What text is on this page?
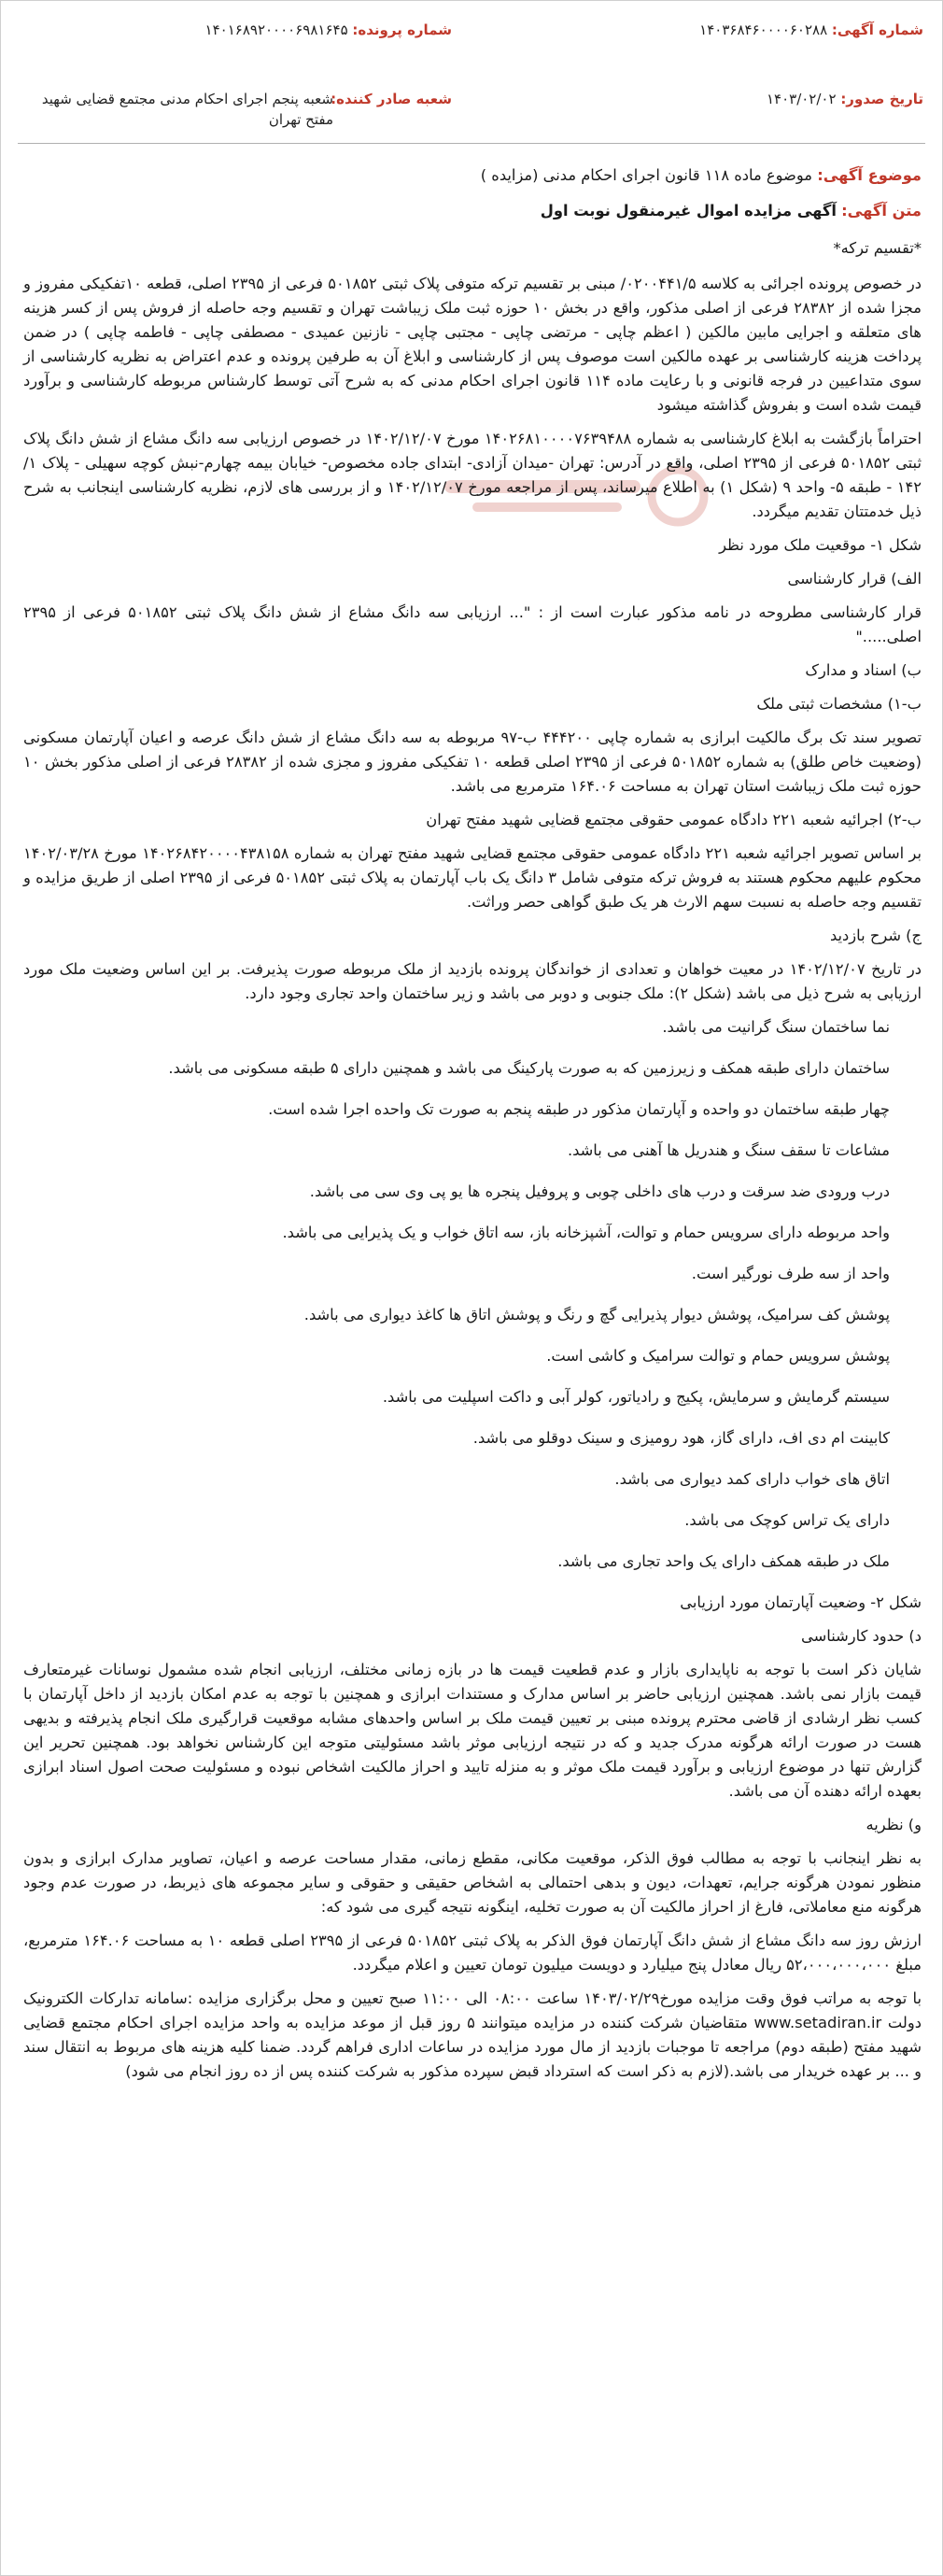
شماره آگهی: ۱۴۰۳۶۸۴۶۰۰۰۰۶۰۲۸۸
شماره پرونده: ۱۴۰۱۶۸۹۲۰۰۰۰۶۹۸۱۶۴۵
تاریخ صدور: ۱۴۰۳/۰۲/۰۲
شعبه صادر کننده:
شعبه پنجم اجرای احکام مدنی مجتمع قضایی شهید مفتح تهران
موضوع آگهی: موضوع ماده ۱۱۸ قانون اجرای احکام مدنی (مزایده )
متن آگهی: آگهی مزایده اموال غیرمنقول نوبت اول
*تقسیم ترکه*
در خصوص پرونده اجرائی به کلاسه ۰۲۰۰۴۴۱/۵/ مبنی بر تقسیم ترکه متوفی پلاک ثبتی ۵۰۱۸۵۲ فرعی از ۲۳۹۵ اصلی، قطعه ۱۰تفکیکی مفروز و مجزا شده از ۲۸۳۸۲ فرعی از اصلی مذکور، واقع در بخش ۱۰ حوزه ثبت ملک زیباشت تهران و تقسیم وجه حاصله از فروش پس از کسر هزینه های متعلقه و اجرایی مابین مالکین ( اعظم چاپی - مرتضی چاپی - مجتبی چاپی - نازنین عمیدی - مصطفی چاپی - فاطمه چاپی ) در ضمن پرداخت هزینه کارشناسی بر عهده مالکین است موصوف پس از کارشناسی و ابلاغ آن به طرفین پرونده و عدم اعتراض به نظریه کارشناسی از سوی متداعیین در فرجه قانونی و با رعایت ماده ۱۱۴ قانون اجرای احکام مدنی که به شرح آتی توسط کارشناس مربوطه کارشناسی و برآورد قیمت شده است و بفروش گذاشته میشود
احتراماً بازگشت به ابلاغ کارشناسی به شماره ۱۴۰۲۶۸۱۰۰۰۰۷۶۳۹۴۸۸ مورخ ۱۴۰۲/۱۲/۰۷ در خصوص ارزیابی سه دانگ مشاع از شش دانگ پلاک ثبتی ۵۰۱۸۵۲ فرعی از ۲۳۹۵ اصلی، واقع در آدرس: تهران -میدان آزادی- ابتدای جاده مخصوص- خیابان بیمه چهارم-نبش کوچه سهیلی - پلاک ۱/ ۱۴۲ - طبقه ۵- واحد ۹ (شکل ۱) به اطلاع میرساند، پس از مراجعه مورخ ۱۴۰۲/۱۲/۰۷ و از بررسی های لازم، نظریه کارشناسی اینجانب به شرح ذیل خدمتتان تقدیم میگردد.
شکل ۱- موقعیت ملک مورد نظر
الف) قرار کارشناسی
قرار کارشناسی مطروحه در نامه مذکور عبارت است از : "... ارزیابی سه دانگ مشاع از شش دانگ پلاک ثبتی ۵۰۱۸۵۲ فرعی از ۲۳۹۵ اصلی....."
ب) اسناد و مدارک
ب-۱) مشخصات ثبتی ملک
تصویر سند تک برگ مالکیت ابرازی به شماره چاپی ۴۴۴۲۰۰ ب-۹۷ مربوطه به سه دانگ مشاع از شش دانگ عرصه و اعیان آپارتمان مسکونی (وضعیت خاص طلق) به شماره ۵۰۱۸۵۲ فرعی از ۲۳۹۵ اصلی قطعه ۱۰ تفکیکی مفروز و مجزی شده از ۲۸۳۸۲ فرعی از اصلی مذکور بخش ۱۰ حوزه ثبت ملک زیباشت استان تهران به مساحت ۱۶۴.۰۶ مترمربع می باشد.
ب-۲) اجرائیه شعبه ۲۲۱ دادگاه عمومی حقوقی مجتمع قضایی شهید مفتح تهران
بر اساس تصویر اجرائیه شعبه ۲۲۱ دادگاه عمومی حقوقی مجتمع قضایی شهید مفتح تهران به شماره ۱۴۰۲۶۸۴۲۰۰۰۰۴۳۸۱۵۸ مورخ ۱۴۰۲/۰۳/۲۸ محکوم علیهم محکوم هستند به فروش ترکه متوفی شامل ۳ دانگ یک باب آپارتمان به پلاک ثبتی ۵۰۱۸۵۲ فرعی از ۲۳۹۵ اصلی از طریق مزایده و تقسیم وجه حاصله به نسبت سهم الارث هر یک طبق گواهی حصر وراثت.
ج) شرح بازدید
در تاریخ ۱۴۰۲/۱۲/۰۷ در معیت خواهان و تعدادی از خواندگان پرونده بازدید از ملک مربوطه صورت پذیرفت. بر این اساس وضعیت ملک مورد ارزیابی به شرح ذیل می باشد (شکل ۲): ملک جنوبی و دوبر می باشد و زیر ساختمان واحد تجاری وجود دارد.
نما ساختمان سنگ گرانیت می باشد.
ساختمان دارای طبقه همکف و زیرزمین که به صورت پارکینگ می باشد و همچنین دارای ۵ طبقه مسکونی می باشد.
چهار طبقه ساختمان دو واحده و آپارتمان مذکور در طبقه پنجم به صورت تک واحده اجرا شده است.
مشاعات تا سقف سنگ و هندریل ها آهنی می باشد.
درب ورودی ضد سرقت و درب های داخلی چوبی و پروفیل پنجره ها یو پی وی سی می باشد.
واحد مربوطه دارای سرویس حمام و توالت، آشپزخانه باز، سه اتاق خواب و یک پذیرایی می باشد.
واحد از سه طرف نورگیر است.
پوشش کف سرامیک، پوشش دیوار پذیرایی گچ و رنگ و پوشش اتاق ها کاغذ دیواری می باشد.
پوشش سرویس حمام و توالت سرامیک و کاشی است.
سیستم گرمایش و سرمایش، پکیج و رادیاتور، کولر آبی و داکت اسپلیت می باشد.
کابینت ام دی اف، دارای گاز، هود رومیزی و سینک دوقلو می باشد.
اتاق های خواب دارای کمد دیواری می باشد.
دارای یک تراس کوچک می باشد.
ملک در طبقه همکف دارای یک واحد تجاری می باشد.
شکل ۲- وضعیت آپارتمان مورد ارزیابی
د) حدود کارشناسی
شایان ذکر است با توجه به ناپایداری بازار و عدم قطعیت قیمت ها در بازه زمانی مختلف، ارزیابی انجام شده مشمول نوسانات غیرمتعارف قیمت بازار نمی باشد. همچنین ارزیابی حاضر بر اساس مدارک و مستندات ابرازی و همچنین با توجه به عدم امکان بازدید از داخل آپارتمان با کسب نظر ارشادی از قاضی محترم پرونده مبنی بر تعیین قیمت ملک بر اساس واحدهای مشابه موقعیت قرارگیری ملک انجام پذیرفته و بدیهی هست در صورت ارائه هرگونه مدرک جدید و که در نتیجه ارزیابی موثر باشد مسئولیتی متوجه این کارشناس نخواهد بود. همچنین تحریر این گزارش تنها در موضوع ارزیابی و برآورد قیمت ملک موثر و به منزله تایید و احراز مالکیت اشخاص نبوده و مسئولیت صحت اصول اسناد ابرازی بعهده ارائه دهنده آن می باشد.
و) نظریه
به نظر اینجانب با توجه به مطالب فوق الذکر، موقعیت مکانی، مقطع زمانی، مقدار مساحت عرصه و اعیان، تصاویر مدارک ابرازی و بدون منظور نمودن هرگونه جرایم، تعهدات، دیون و بدهی احتمالی به اشخاص حقیقی و حقوقی و سایر مجموعه های ذیربط، در صورت عدم وجود هرگونه منع معاملاتی، فارغ از احراز مالکیت آن به صورت تخلیه، اینگونه نتیجه گیری می شود که:
ارزش روز سه دانگ مشاع از شش دانگ آپارتمان فوق الذکر به پلاک ثبتی ۵۰۱۸۵۲ فرعی از ۲۳۹۵ اصلی قطعه ۱۰ به مساحت ۱۶۴.۰۶ مترمربع، مبلغ ۵۲،۰۰۰،۰۰۰،۰۰۰ ریال معادل پنج میلیارد و دویست میلیون تومان تعیین و اعلام میگردد.
با توجه به مراتب فوق وقت مزایده مورخ۱۴۰۳/۰۲/۲۹ ساعت ۰۸:۰۰ الی ۱۱:۰۰ صبح تعیین و محل برگزاری مزایده :سامانه تدارکات الکترونیک دولت www.setadiran.ir متقاضیان شرکت کننده در مزایده میتوانند ۵ روز قبل از موعد مزایده به واحد مزایده اجرای احکام مجتمع قضایی شهید مفتح (طبقه دوم) مراجعه تا موجبات بازدید از مال مورد مزایده در ساعات اداری فراهم گردد. ضمنا کلیه هزینه های مربوط به انتقال سند و ... بر عهده خریدار می باشد.(لازم به ذکر است که استرداد قبض سپرده مذکور به شرکت کننده پس از ده روز انجام می شود)
